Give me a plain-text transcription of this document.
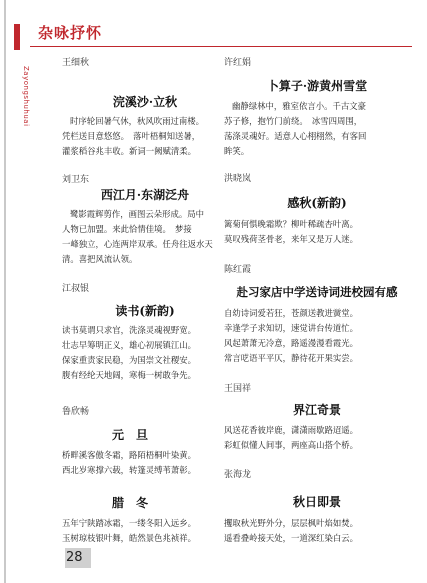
杂咏抒怀
Zayongshuhuai

王细秋

浣溪沙·立秋

时序轮回暑气休，秋风吹雨过南楼。

凭栏送目意悠悠。　落叶梧桐知送暑，

灌浆稻谷兆丰收。新词一阙赋清柔。

刘卫东

西江月·东湖泛舟

鹭影霞辉剪作，画图云朵形成。局中

人物已加盟。来此恰情佳境。　梦接

一峰独立，心连两岸双承。任舟往返水天

清。喜把风流认领。

江叔银

读书(新韵)

读书莫谓只求官，洗涤灵魂视野宽。

壮志早筹明正义，雄心初展镇江山。

保家重责家民稳，为国崇文社稷安。

腹有经纶天地阔，寒梅一树敢争先。

鲁欣畅

元　旦

桥畔溪客傲冬霜，路陌梧桐叶染黄。

西北岁寒撑六载，转篷灵缚苇萧彰。

腊　冬

五年宁陕踏冰霜，一缕冬阳入远乡。

玉树琼枝银叶舞，皓然景色兆祯祥。

许红娟

卜算子·游黄州雪堂

幽静绿林中，雅室依言小。千古文豪

苏子修，抱竹门前绕。　冰雪四周围，

荡涤灵魂好。适意人心栩栩然，有客回

眸笑。

洪晓岚

感秋(新韵)

篱菊何惧晚霜欺？柳叶稀疏杏叶离。

莫叹残荷茎骨老，来年又是万人迷。

陈红霞

赴习家店中学送诗词进校园有感

自幼诗词爱若狂，苍颜送教进黉堂。

幸逢学子求知切，速觉讲台传道忙。

风起萧萧无冷意，路遥漫漫看霞光。

常言呓语平平仄，静待花开果实尝。

王国祥

界江奇景

风送花香彼岸鹿，潇潇雨歇路迢遥。

彩虹似懂人间事，两座高山搭个桥。

张海龙

秋日即景

攫取秋光野外分，层层枫叶焰如焚。

遥看叠岭接天处，一道深红染白云。

28
